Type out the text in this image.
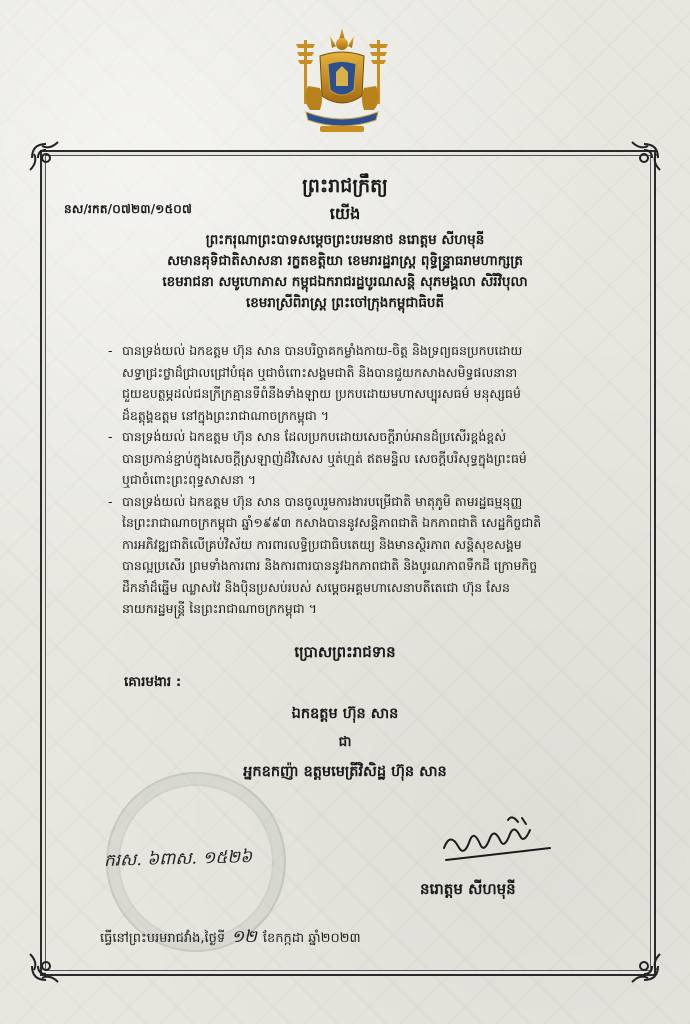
ព្រះរាជក្រឹត្យ
នស/រកត/០៧២៣/១៥០៧	យើង
ព្រះករុណាព្រះបាទសម្តេចព្រះបរមនាថ នរោត្តម សីហមុនី
សមានគុទិជាតិសាសនា រក្ខតខត្តិយា ខេមរារដ្ឋរាស្ត្រ ពុទ្ធិន្ទ្រាធរាមហាក្សត្រ
ខេមរាជនា សមូហោភាស កម្ពុជឯករាជរដ្ឋបូរណសន្តិ សុភមង្គលា សិរីវិបុលា
ខេមរាស្រីពិរាស្ត្រ ព្រះចៅក្រុងកម្ពុជាធិបតី
- បានទ្រង់យល់ ឯកឧត្តម ហ៊ុន សាន បានបរិច្ចាគកម្លាំងកាយ-ចិត្ត និងទ្រព្យធនប្រកបដោយ
សទ្ធាជ្រះថ្លាដ៏ជ្រាលជ្រៅបំផុត ឬជាចំពោះសង្គមជាតិ និងបានជួយកសាងសមិទ្ធផលនានា
ជួយឧបត្ថម្ភដល់ជនក្រីក្រគ្មានទីពំនឹងទាំងឡាយ ប្រកបដោយមហាសប្បុរសធម៌ មនុស្សធម៌
ដ៏ឧត្តុង្គឧត្តម នៅក្នុងព្រះរាជាណាចក្រកម្ពុជា ។
- បានទ្រង់យល់ ឯកឧត្តម ហ៊ុន សាន ដែលប្រកបដោយសេចក្តីរាប់អានដ៏ប្រសើរខ្ពង់ខ្ពស់
បានប្រកាន់ខ្ជាប់ក្នុងសេចក្តីស្រឡាញ់ដ៏វិសេស ឬត់ហ្មត់ ឥតមន្ទិល សេចក្តីបរិសុទ្ធក្នុងព្រះធម៌
ឬជាចំពោះព្រះពុទ្ធសាសនា ។
- បានទ្រង់យល់ ឯកឧត្តម ហ៊ុន សាន បានចូលរួមការងារបម្រើជាតិ មាតុភូមិ តាមរដ្ឋធម្មនុញ្ញ
នៃព្រះរាជាណាចក្រកម្ពុជា ឆ្នាំ១៩៩៣ កសាងបាននូវសន្តិភាពជាតិ ឯកភាពជាតិ សេដ្ឋកិច្ចជាតិ
ការអភិវឌ្ឍជាតិលើគ្រប់វិស័យ ការពារលទ្ធិប្រជាធិបតេយ្យ និងមានស្ថិរភាព សន្តិសុខសង្គម
បានល្អប្រសើរ ព្រមទាំងការពារ និងការពារបាននូវឯកភាពជាតិ និងបូរណភាពទឹកដី ក្រោមកិច្ច
ដឹកនាំដ៏ឆ្នើម ឈ្លាសវៃ និងប៉ិនប្រសប់របស់ សម្តេចអគ្គមហាសេនាបតីតេជោ ហ៊ុន សែន
នាយករដ្ឋមន្ត្រី នៃព្រះរាជាណាចក្រកម្ពុជា ។
ប្រោសព្រះរាជទាន
គោរមងារ :
ឯកឧត្តម ហ៊ុន សាន
ជា
អ្នកឧកញ៉ា ឧត្តមមេត្រីវិសិដ្ឋ ហ៊ុន សាន
ករស. ៦ពាស. ១៥២៦
នរោត្តម សីហមុនី
ធ្វើនៅព្រះបរមរាជវាំង,ថ្ងៃទី ១២ ខែកក្កដា ឆ្នាំ២០២៣
